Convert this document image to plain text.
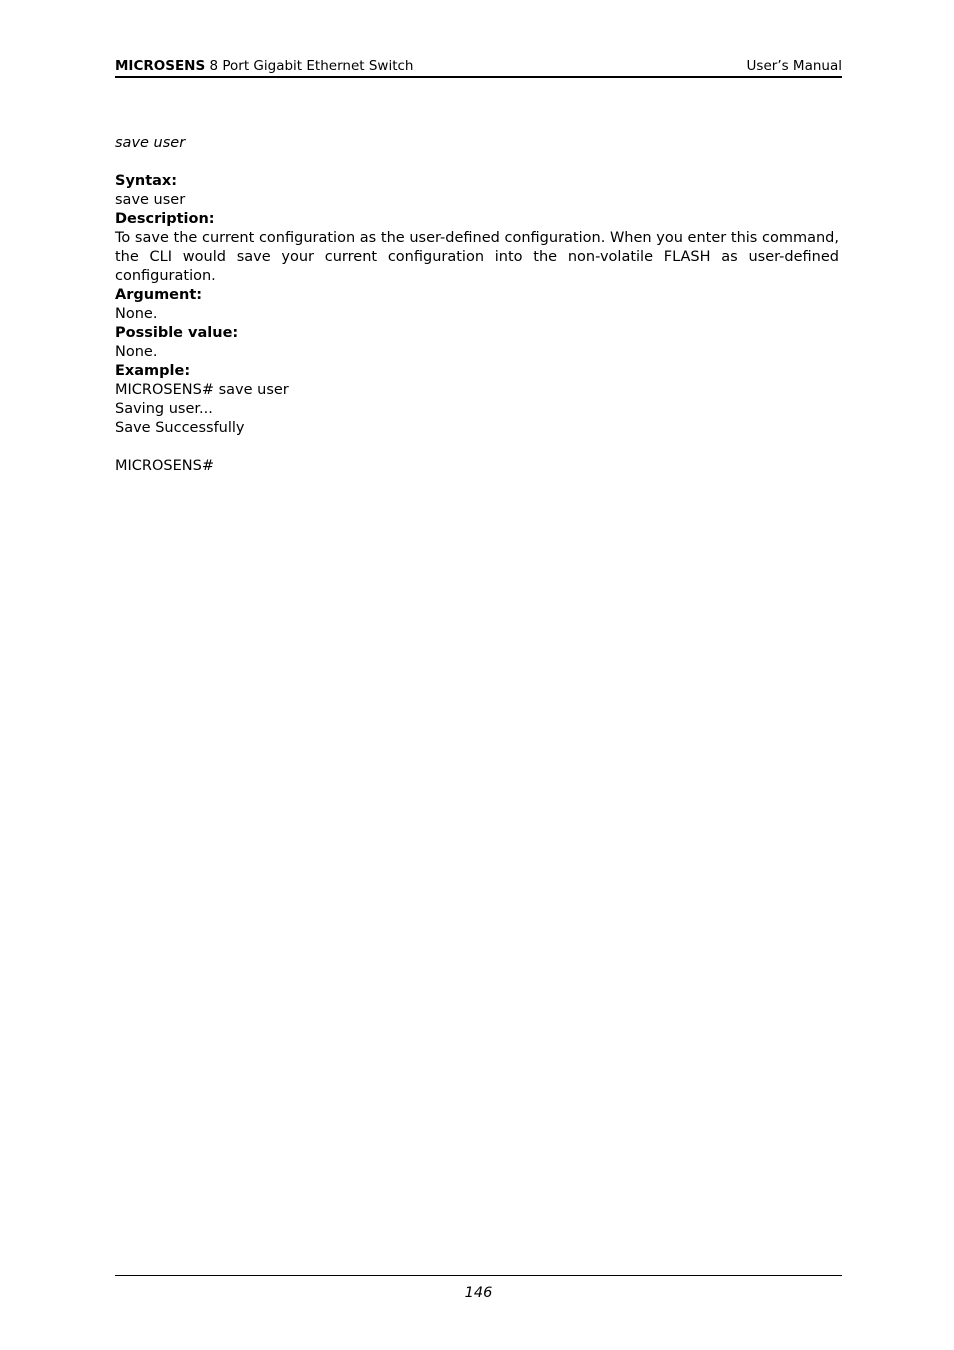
MICROSENS 8 Port Gigabit Ethernet Switch	User’s Manual

save user

Syntax:

save user

Description:

To save the current configuration as the user-defined configuration. When you enter this command, the CLI would save your current configuration into the non-volatile FLASH as user-defined configuration.

Argument:

None.

Possible value:

None.

Example:

MICROSENS# save user

Saving user...

Save Successfully

MICROSENS#

146
